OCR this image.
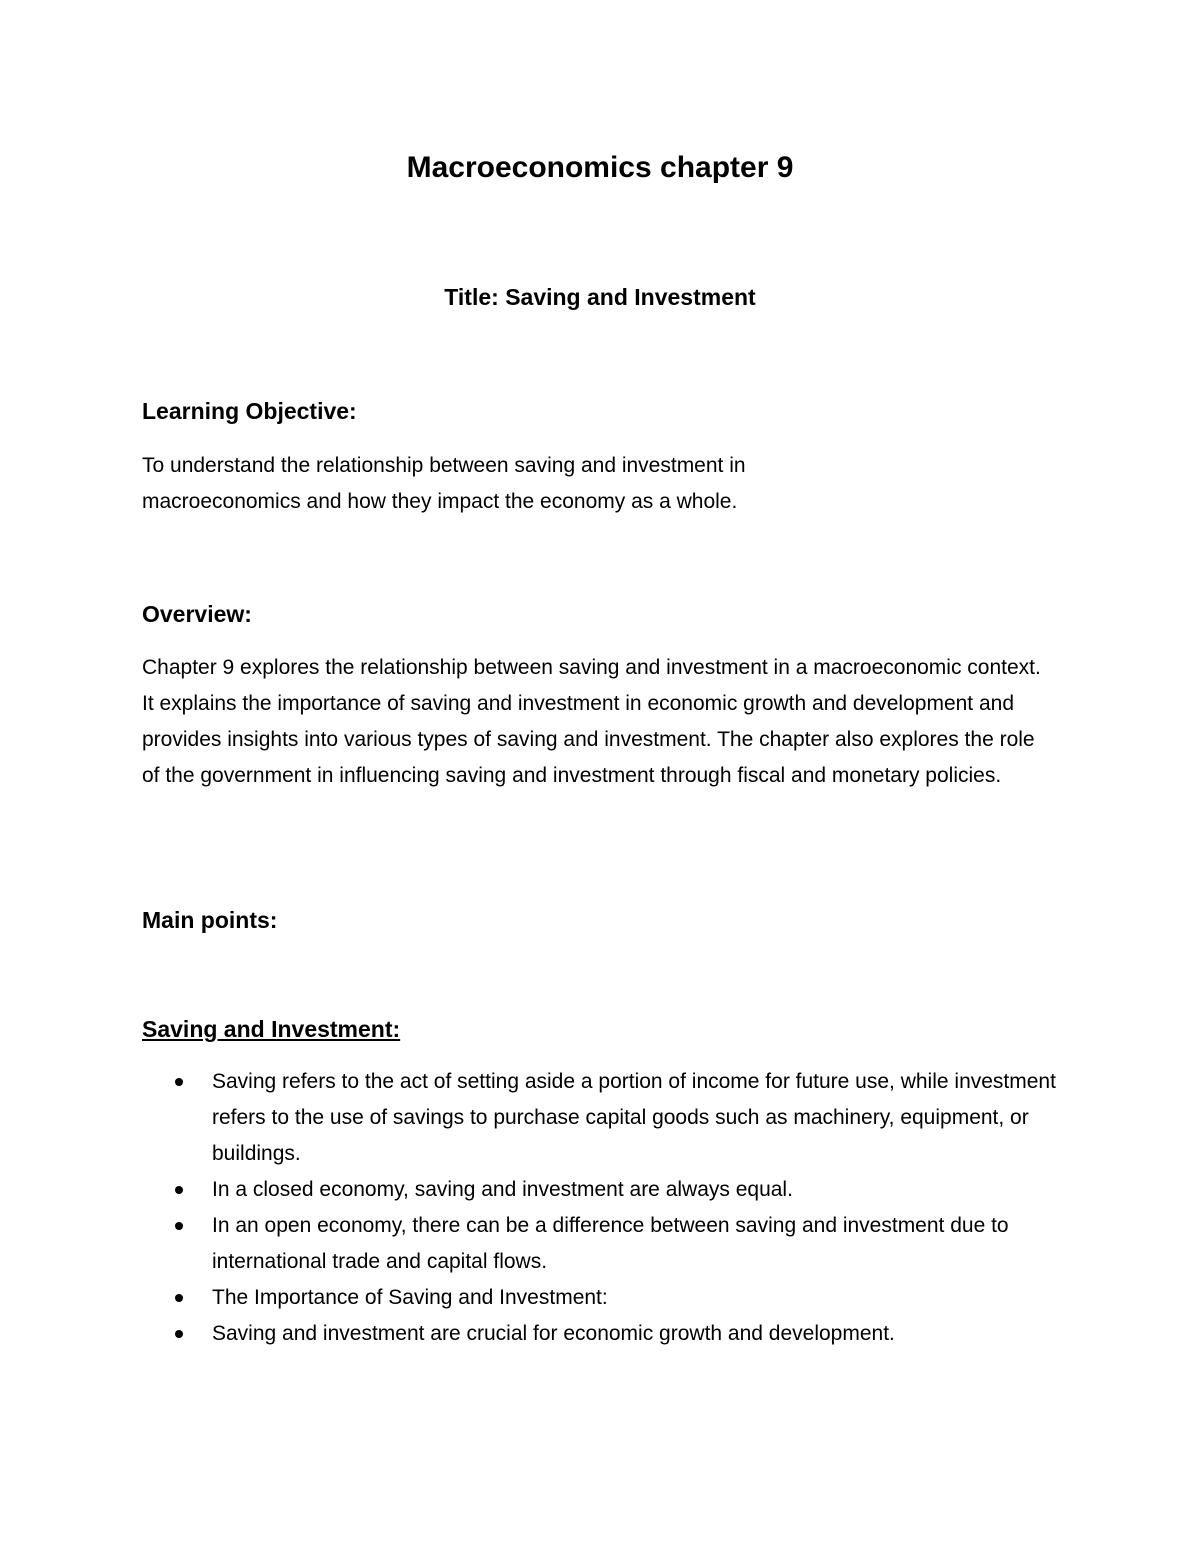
Macroeconomics chapter 9
Title: Saving and Investment
Learning Objective:

To understand the relationship between saving and investment in macroeconomics and how they impact the economy as a whole.

Overview:

Chapter 9 explores the relationship between saving and investment in a macroeconomic context. It explains the importance of saving and investment in economic growth and development and provides insights into various types of saving and investment. The chapter also explores the role of the government in influencing saving and investment through fiscal and monetary policies.

Main points:
Saving and Investment:
Saving refers to the act of setting aside a portion of income for future use, while investment refers to the use of savings to purchase capital goods such as machinery, equipment, or buildings.
In a closed economy, saving and investment are always equal.
In an open economy, there can be a difference between saving and investment due to international trade and capital flows.
The Importance of Saving and Investment:
Saving and investment are crucial for economic growth and development.
